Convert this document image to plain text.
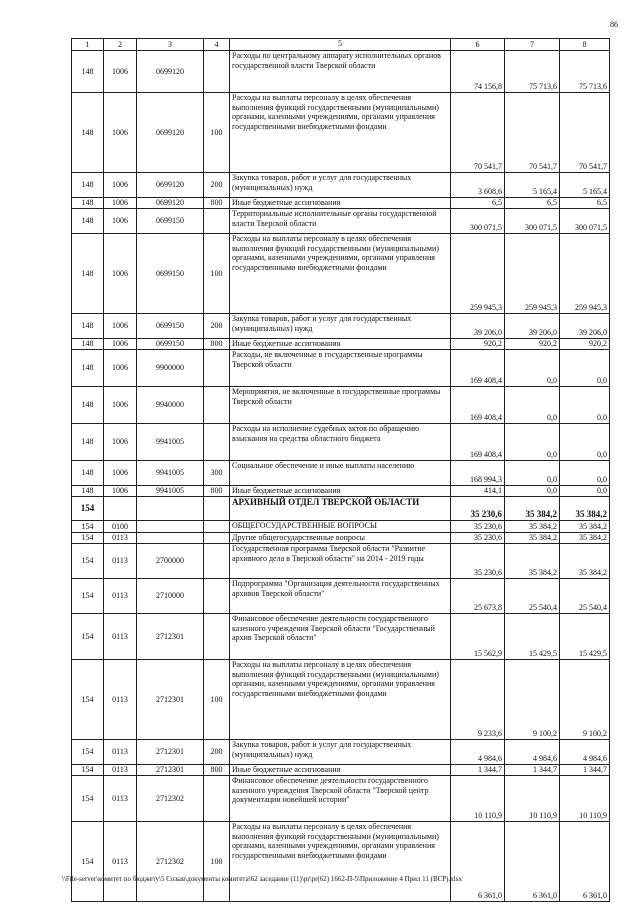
86
1	2	3	4	5	6	7	8
148	1006	0699120		Расходы по центральному аппарату исполнительных органов государственной власти Тверской области	74 156,8	75 713,6	75 713,6
148	1006	0699120	100	Расходы на выплаты персоналу в целях обеспечения выполнения функций государственными (муниципальными) органами, казенными учреждениями, органами управления государственными внебюджетными фондами	70 541,7	70 541,7	70 541,7
148	1006	0699120	200	Закупка товаров, работ и услуг для государственных (муниципальных) нужд	3 608,6	5 165,4	5 165,4
148	1006	0699120	800	Иные бюджетные ассигнования	6,5	6,5	6,5
148	1006	0699150		Территориальные исполнительные органы государственной власти Тверской области	300 071,5	300 071,5	300 071,5
148	1006	0699150	100	Расходы на выплаты персоналу в целях обеспечения выполнения функций государственными (муниципальными) органами, казенными учреждениями, органами управления государственными внебюджетными фондами	259 945,3	259 945,3	259 945,3
148	1006	0699150	200	Закупка товаров, работ и услуг для государственных (муниципальных) нужд	39 206,0	39 206,0	39 206,0
148	1006	0699150	800	Иные бюджетные ассигнования	920,2	920,2	920,2
148	1006	9900000		Расходы, не включенные в государственные программы Тверской области	169 408,4	0,0	0,0
148	1006	9940000		Мероприятия, не включенные в государственные программы Тверской области	169 408,4	0,0	0,0
148	1006	9941005		Расходы на исполнение судебных актов по обращению взыскания на средства областного бюджета	169 408,4	0,0	0,0
148	1006	9941005	300	Социальное обеспечение и иные выплаты населению	168 994,3	0,0	0,0
148	1006	9941005	800	Иные бюджетные ассигнования	414,1	0,0	0,0
154				АРХИВНЫЙ ОТДЕЛ ТВЕРСКОЙ ОБЛАСТИ	35 230,6	35 384,2	35 384,2
154	0100			ОБЩЕГОСУДАРСТВЕННЫЕ ВОПРОСЫ	35 230,6	35 384,2	35 384,2
154	0113			Другие общегосударственные вопросы	35 230,6	35 384,2	35 384,2
154	0113	2700000		Государственная программа Тверской области "Развитие архивного дела в Тверской области" на 2014 - 2019 годы	35 230,6	35 384,2	35 384,2
154	0113	2710000		Подпрограмма "Организация деятельности государственных архивов Тверской области"	25 673,8	25 540,4	25 540,4
154	0113	2712301		Финансовое обеспечение деятельности государственного казенного учреждения Тверской области "Государственный архив Тверской области"	15 562,9	15 429,5	15 429,5
154	0113	2712301	100	Расходы на выплаты персоналу в целях обеспечения выполнения функций государственными (муниципальными) органами, казенными учреждениями, органами управления государственными внебюджетными фондами	9 233,6	9 100,2	9 100,2
154	0113	2712301	200	Закупка товаров, работ и услуг для государственных (муниципальных) нужд	4 984,6	4 984,6	4 984,6
154	0113	2712301	800	Иные бюджетные ассигнования	1 344,7	1 344,7	1 344,7
154	0113	2712302		Финансовое обеспечение деятельности государственного казенного учреждения Тверской области "Тверской центр документации новейшей истории"	10 110,9	10 110,9	10 110,9
154	0113	2712302	100	Расходы на выплаты персоналу в целях обеспечения выполнения функций государственными (муниципальными) органами, казенными учреждениями, органами управления государственными внебюджетными фондами	6 361,0	6 361,0	6 361,0
\\File-server\комитет по бюджету\5 Созыв\документы комитета\62 заседание (11)\pr\pr(62) 1662-П-5\Приложение 4 Прил 11 (ВСР).xlsx
